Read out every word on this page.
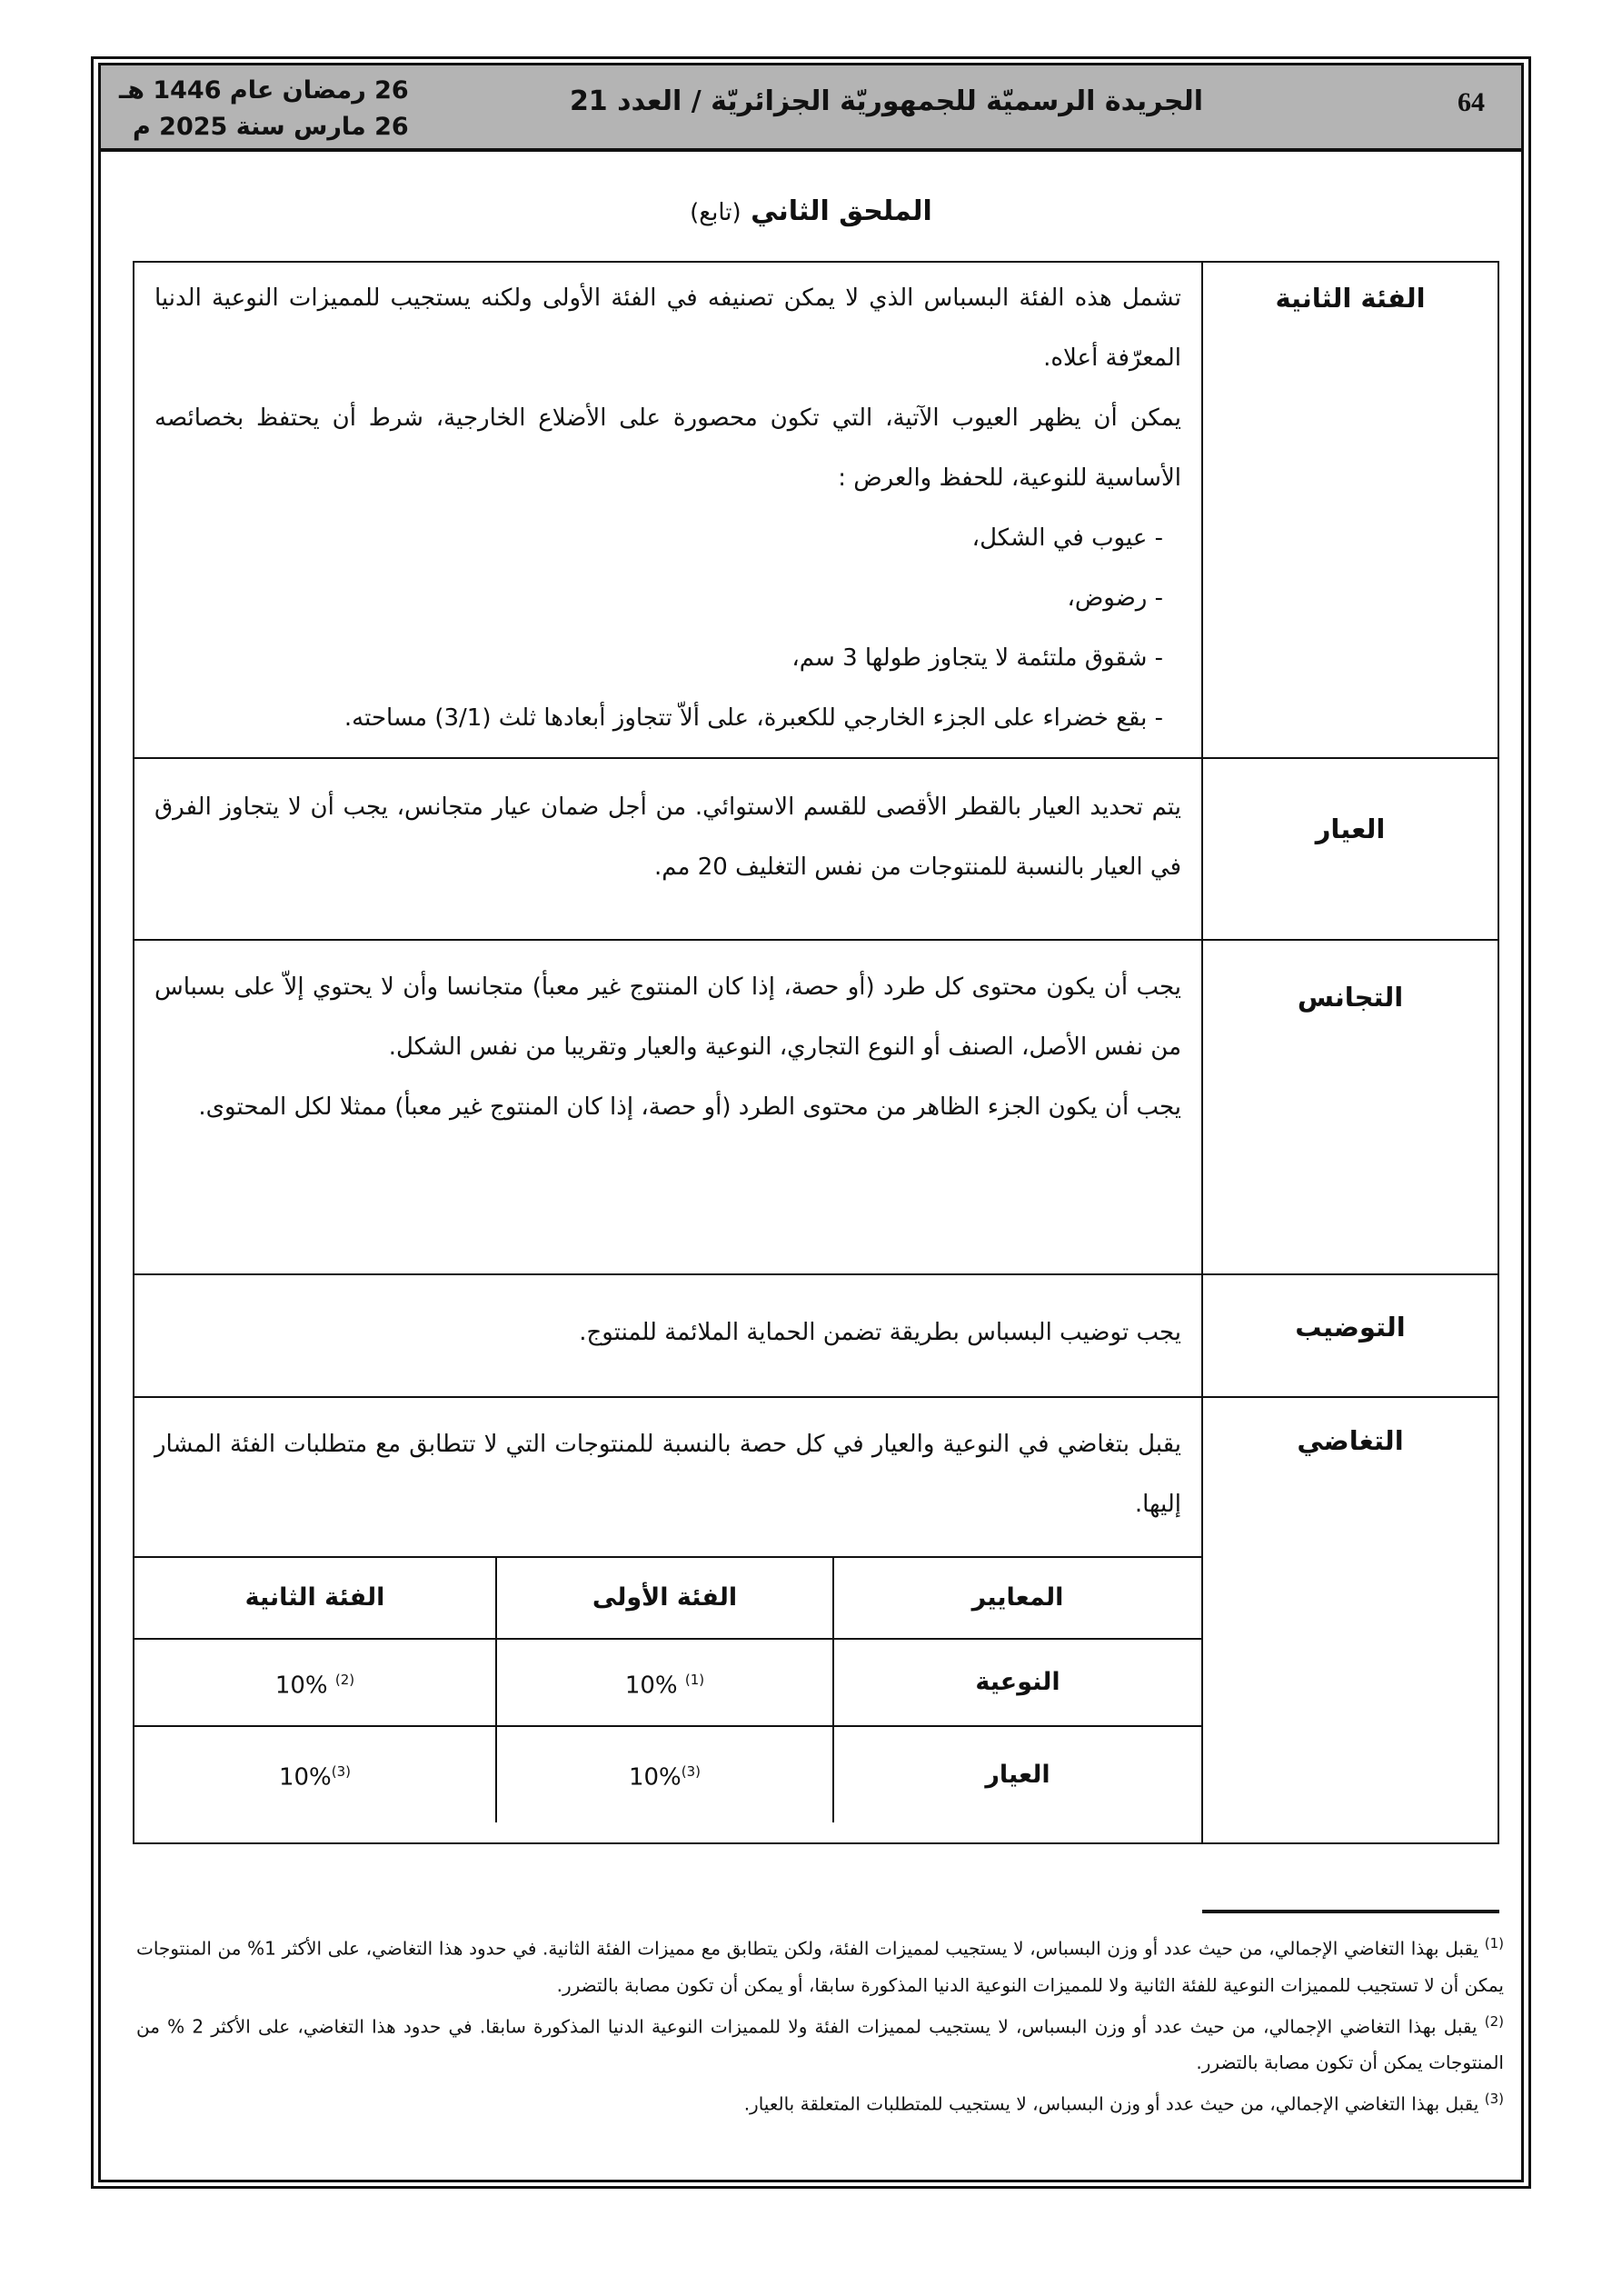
64
الجريدة الرسميّة للجمهوريّة الجزائريّة / العدد 21
26 رمضان عام 1446 هـ
26 مارس سنة 2025 م
الملحق الثاني (تابع)
الفئة الثانية	
تشمل هذه الفئة البسباس الذي لا يمكن تصنيفه في الفئة الأولى ولكنه يستجيب للمميزات النوعية الدنيا المعرّفة أعلاه.
يمكن أن يظهر العيوب الآتية، التي تكون محصورة على الأضلاع الخارجية، شرط أن يحتفظ بخصائصه الأساسية للنوعية، للحفظ والعرض :
- عيوب في الشكل،
- رضوض،
- شقوق ملتئمة لا يتجاوز طولها 3 سم،
- بقع خضراء على الجزء الخارجي للكعبرة، على ألاّ تتجاوز أبعادها ثلث (3/1) مساحته.

العيار	
يتم تحديد العيار بالقطر الأقصى للقسم الاستوائي. من أجل ضمان عيار متجانس، يجب أن لا يتجاوز الفرق في العيار بالنسبة للمنتوجات من نفس التغليف 20 مم.

التجانس	
يجب أن يكون محتوى كل طرد (أو حصة، إذا كان المنتوج غير معبأ) متجانسا وأن لا يحتوي إلاّ على بسباس من نفس الأصل، الصنف أو النوع التجاري، النوعية والعيار وتقريبا من نفس الشكل.
يجب أن يكون الجزء الظاهر من محتوى الطرد (أو حصة، إذا كان المنتوج غير معبأ) ممثلا لكل المحتوى.

التوضيب	
يجب توضيب البسباس بطريقة تضمن الحماية الملائمة للمنتوج.

التغاضي	
يقبل بتغاضي في النوعية والعيار في كل حصة بالنسبة للمنتوجات التي لا تتطابق مع متطلبات الفئة المشار إليها.
المعايير	الفئة الأولى	الفئة الثانية
النوعية	$^{(1)}$ 10%	$^{(2)}$ 10%
العيار	$^{(3)}$10%	$^{(3)}$10%
$^{(1)}$ يقبل بهذا التغاضي الإجمالي، من حيث عدد أو وزن البسباس، لا يستجيب لمميزات الفئة، ولكن يتطابق مع مميزات الفئة الثانية. في حدود هذا التغاضي، على الأكثر 1% من المنتوجات يمكن أن لا تستجيب للمميزات النوعية للفئة الثانية ولا للمميزات النوعية الدنيا المذكورة سابقا، أو يمكن أن تكون مصابة بالتضرر.
$^{(2)}$ يقبل بهذا التغاضي الإجمالي، من حيث عدد أو وزن البسباس، لا يستجيب لمميزات الفئة ولا للمميزات النوعية الدنيا المذكورة سابقا. في حدود هذا التغاضي، على الأكثر 2 % من المنتوجات يمكن أن تكون مصابة بالتضرر.
$^{(3)}$ يقبل بهذا التغاضي الإجمالي، من حيث عدد أو وزن البسباس، لا يستجيب للمتطلبات المتعلقة بالعيار.
